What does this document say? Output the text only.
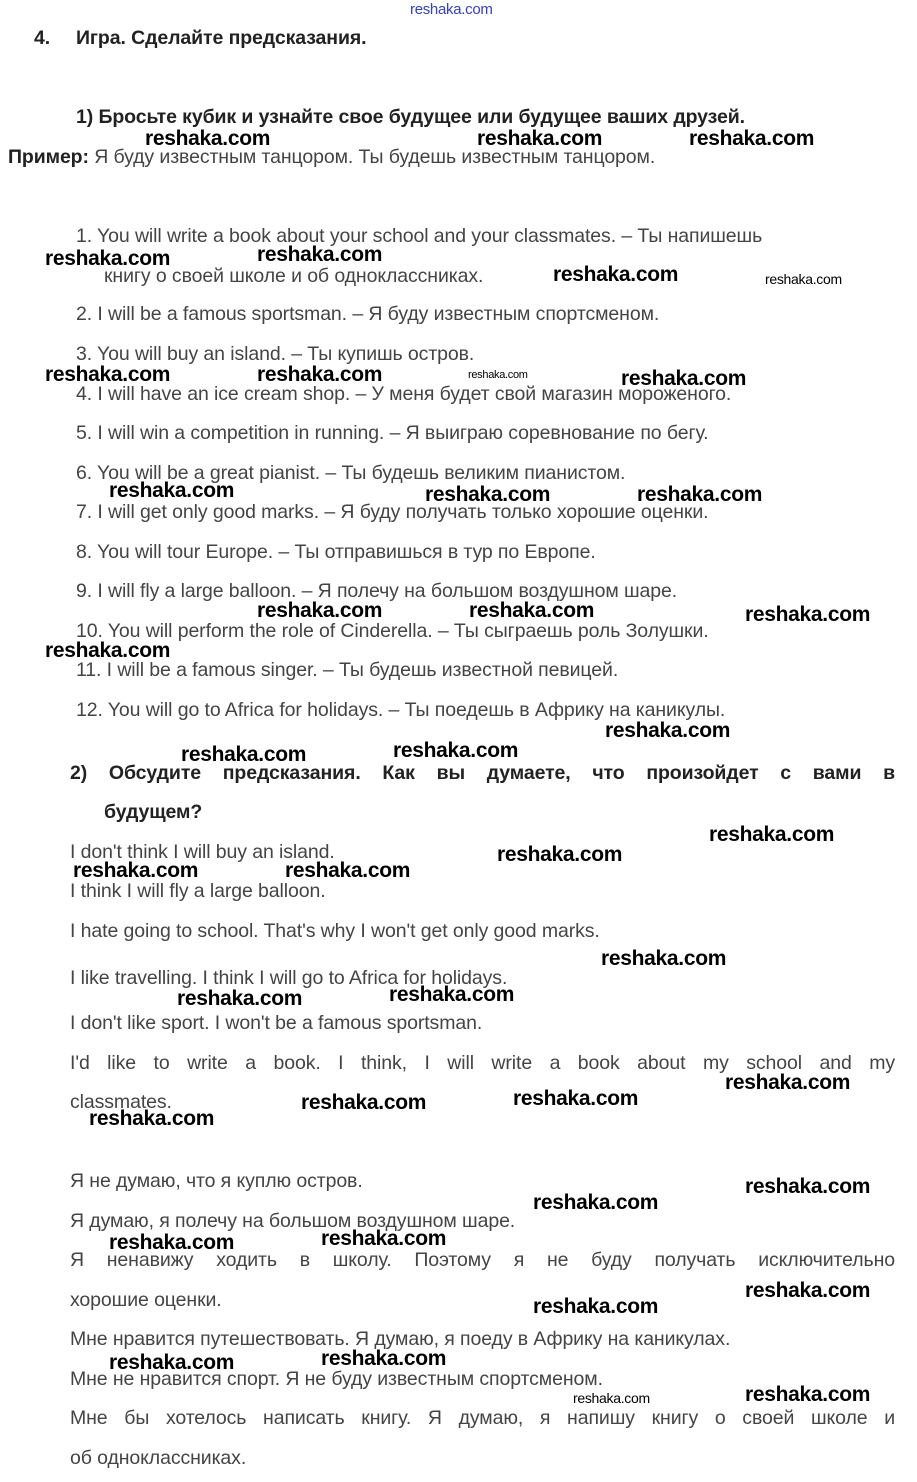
4. Игра. Сделайте предсказания.
1) Бросьте кубик и узнайте свое будущее или будущее ваших друзей.
Пример: Я буду известным танцором. Ты будешь известным танцором.
1. You will write a book about your school and your classmates. – Ты напишешь
книгу о своей школе и об одноклассниках.
2. I will be a famous sportsman. – Я буду известным спортсменом.
3. You will buy an island. – Ты купишь остров.
4. I will have an ice cream shop. – У меня будет свой магазин мороженого.
5. I will win a competition in running. – Я выиграю соревнование по бегу.
6. You will be a great pianist. – Ты будешь великим пианистом.
7. I will get only good marks. – Я буду получать только хорошие оценки.
8. You will tour Europe. – Ты отправишься в тур по Европе.
9. I will fly a large balloon. – Я полечу на большом воздушном шаре.
10. You will perform the role of Cinderella. – Ты сыграешь роль Золушки.
11. I will be a famous singer. – Ты будешь известной певицей.
12. You will go to Africa for holidays. – Ты поедешь в Африку на каникулы.
2) Обсудите предсказания. Как вы думаете, что произойдет с вами в
будущем?
I don't think I will buy an island.
I think I will fly a large balloon.
I hate going to school. That's why I won't get only good marks.
I like travelling. I think I will go to Africa for holidays.
I don't like sport. I won't be a famous sportsman.
I'd like to write a book. I think, I will write a book about my school and my
classmates.
Я не думаю, что я куплю остров.
Я думаю, я полечу на большом воздушном шаре.
Я ненавижу ходить в школу. Поэтому я не буду получать исключительно
хорошие оценки.
Мне нравится путешествовать. Я думаю, я поеду в Африку на каникулах.
Мне не нравится спорт. Я не буду известным спортсменом.
Мне бы хотелось написать книгу. Я думаю, я напишу книгу о своей школе и
об одноклассниках.
reshaka.com
reshaka.com	reshaka.com	reshaka.com
reshaka.com	reshaka.com
reshaka.com	reshaka.com
reshaka.com	reshaka.com	reshaka.com	reshaka.com
reshaka.com	reshaka.com	reshaka.com
reshaka.com	reshaka.com	reshaka.com
reshaka.com
reshaka.com
reshaka.com	reshaka.com
reshaka.com
reshaka.com
reshaka.com	reshaka.com
reshaka.com
reshaka.com	reshaka.com
reshaka.com
reshaka.com	reshaka.com
reshaka.com
reshaka.com
reshaka.com
reshaka.com	reshaka.com
reshaka.com
reshaka.com
reshaka.com	reshaka.com
reshaka.com
reshaka.com
